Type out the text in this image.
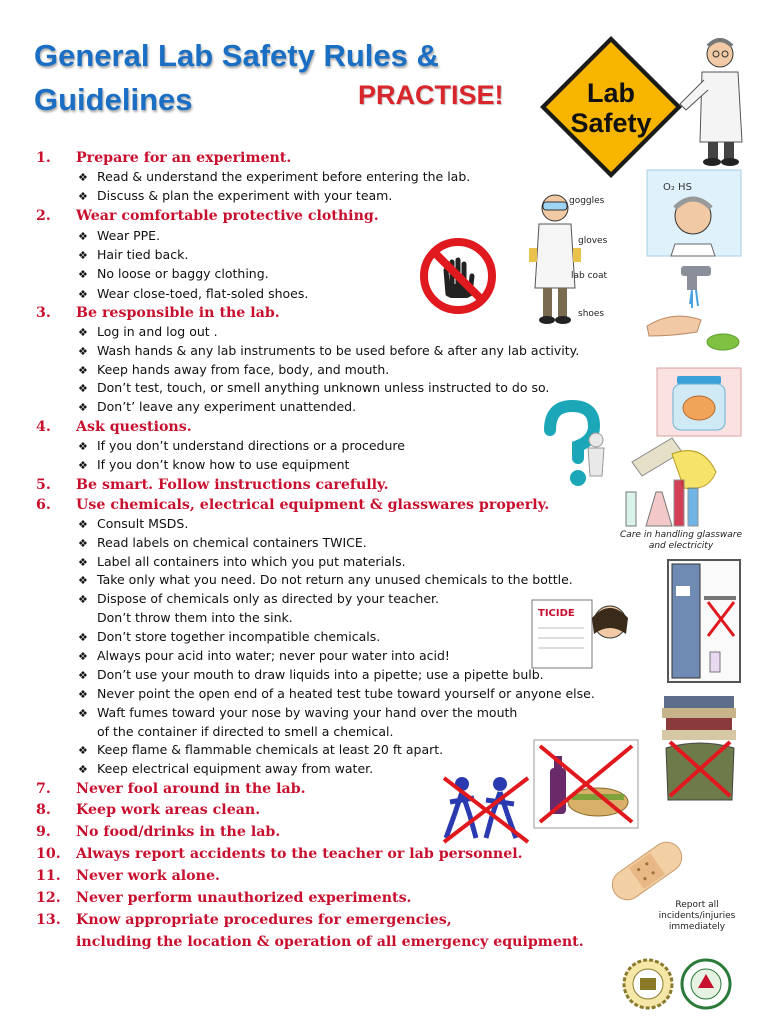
General Lab Safety Rules &
Guidelines	PRACTISE!	Lab
Safety
goggles
gloves
lab coat
shoes
O₂ HS
Care in handling glassware
and electricity
TICIDE
Report all
incidents/injuries
immediately
1. Prepare for an experiment.
❖ Read & understand the experiment before entering the lab.
❖ Discuss & plan the experiment with your team.
2. Wear comfortable protective clothing.
❖ Wear PPE.
❖ Hair tied back.
❖ No loose or baggy clothing.
❖ Wear close-toed, flat-soled shoes.
3. Be responsible in the lab.
❖ Log in and log out .
❖ Wash hands & any lab instruments to be used before & after any lab activity.
❖ Keep hands away from face, body, and mouth.
❖ Don’t test, touch, or smell anything unknown unless instructed to do so.
❖ Don’t’ leave any experiment unattended.
4. Ask questions.
❖ If you don’t understand directions or a procedure
❖ If you don’t know how to use equipment
5. Be smart. Follow instructions carefully.
6. Use chemicals, electrical equipment & glasswares properly.
❖ Consult MSDS.
❖ Read labels on chemical containers TWICE.
❖ Label all containers into which you put materials.
❖ Take only what you need. Do not return any unused chemicals to the bottle.
❖ Dispose of chemicals only as directed by your teacher.
Don’t throw them into the sink.
❖ Don’t store together incompatible chemicals.
❖ Always pour acid into water; never pour water into acid!
❖ Don’t use your mouth to draw liquids into a pipette; use a pipette bulb.
❖ Never point the open end of a heated test tube toward yourself or anyone else.
❖ Waft fumes toward your nose by waving your hand over the mouth
of the container if directed to smell a chemical.
❖ Keep flame & flammable chemicals at least 20 ft apart.
❖ Keep electrical equipment away from water.
7. Never fool around in the lab.
8. Keep work areas clean.
9. No food/drinks in the lab.
10. Always report accidents to the teacher or lab personnel.
11. Never work alone.
12. Never perform unauthorized experiments.
13. Know appropriate procedures for emergencies,
including the location & operation of all emergency equipment.
